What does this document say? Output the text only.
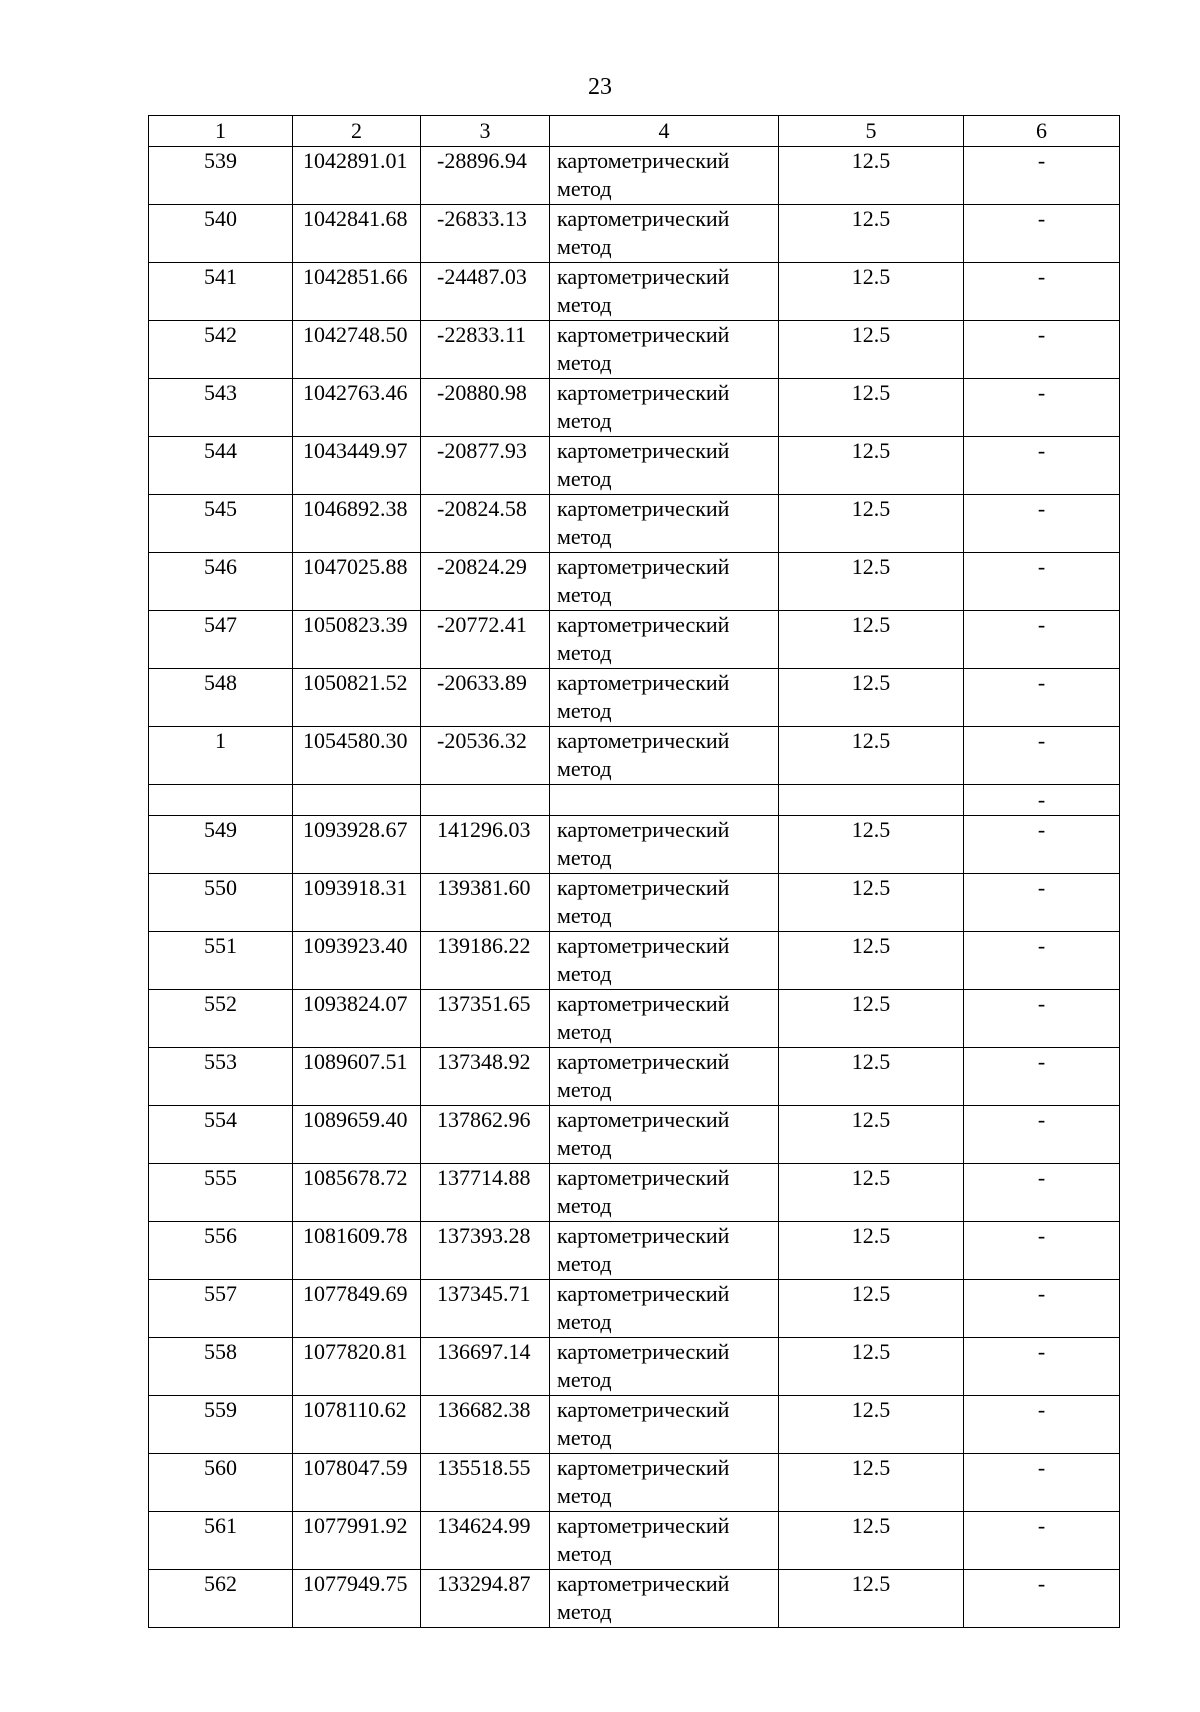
23
1	2	3	4	5	6
539	1042891.01	-28896.94	картометрический метод	12.5	-
540	1042841.68	-26833.13	картометрический метод	12.5	-
541	1042851.66	-24487.03	картометрический метод	12.5	-
542	1042748.50	-22833.11	картометрический метод	12.5	-
543	1042763.46	-20880.98	картометрический метод	12.5	-
544	1043449.97	-20877.93	картометрический метод	12.5	-
545	1046892.38	-20824.58	картометрический метод	12.5	-
546	1047025.88	-20824.29	картометрический метод	12.5	-
547	1050823.39	-20772.41	картометрический метод	12.5	-
548	1050821.52	-20633.89	картометрический метод	12.5	-
1	1054580.30	-20536.32	картометрический метод	12.5	-
					-
549	1093928.67	141296.03	картометрический метод	12.5	-
550	1093918.31	139381.60	картометрический метод	12.5	-
551	1093923.40	139186.22	картометрический метод	12.5	-
552	1093824.07	137351.65	картометрический метод	12.5	-
553	1089607.51	137348.92	картометрический метод	12.5	-
554	1089659.40	137862.96	картометрический метод	12.5	-
555	1085678.72	137714.88	картометрический метод	12.5	-
556	1081609.78	137393.28	картометрический метод	12.5	-
557	1077849.69	137345.71	картометрический метод	12.5	-
558	1077820.81	136697.14	картометрический метод	12.5	-
559	1078110.62	136682.38	картометрический метод	12.5	-
560	1078047.59	135518.55	картометрический метод	12.5	-
561	1077991.92	134624.99	картометрический метод	12.5	-
562	1077949.75	133294.87	картометрический метод	12.5	-
